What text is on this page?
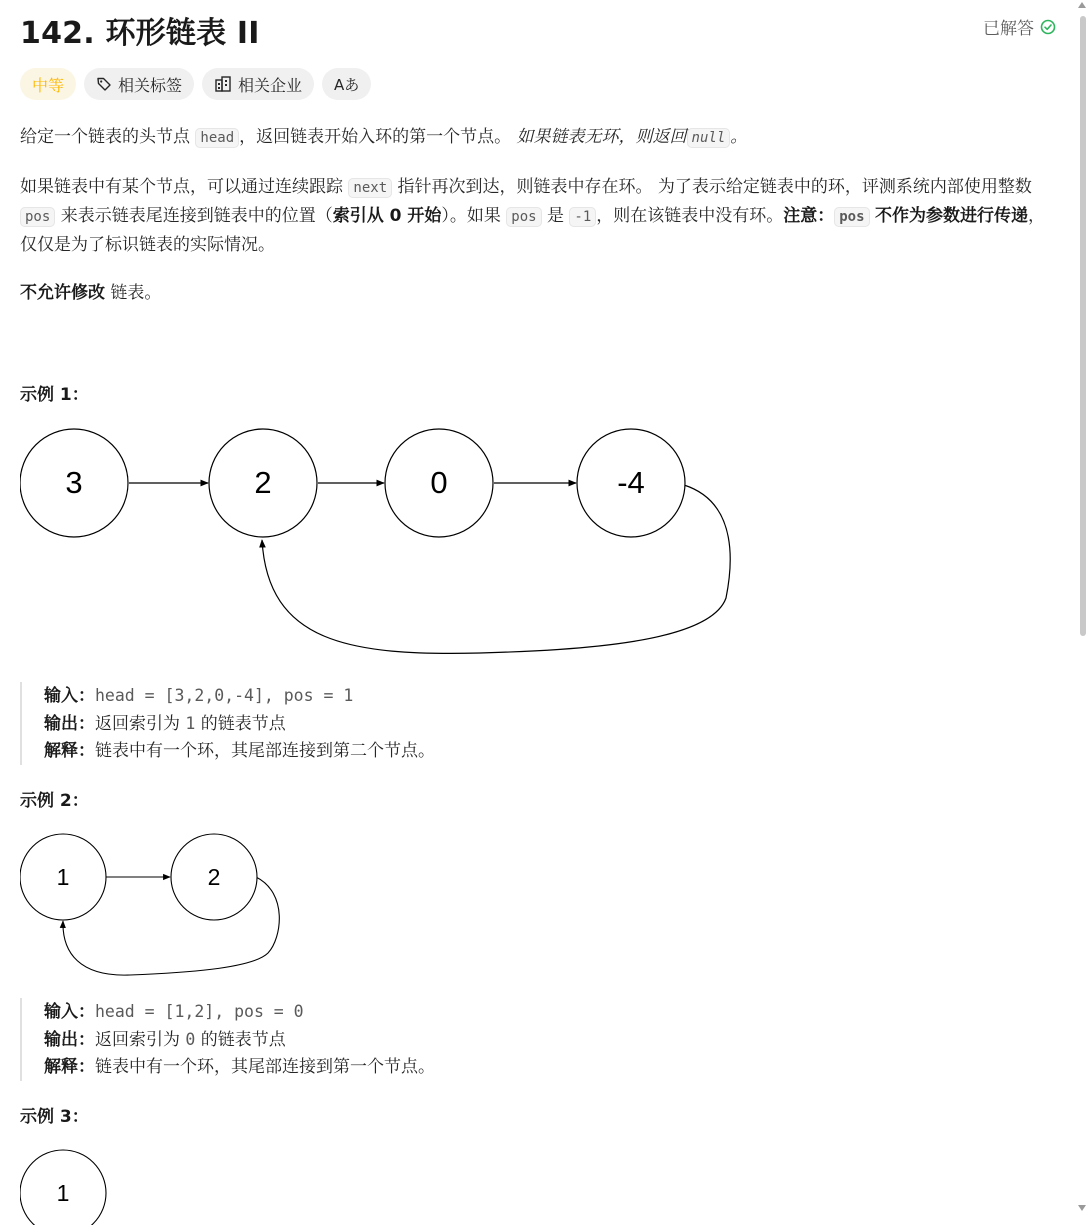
142. 环形链表 II	已解答
中等	相关标签	相关企业 Aあ
给定一个链表的头节点 head ，返回链表开始入环的第一个节点。 如果链表无环，则返回 null 。
如果链表中有某个节点，可以通过连续跟踪 next 指针再次到达，则链表中存在环。 为了表示给定链表中的环，评测系统内部使用整数 pos 来表示链表尾连接到链表中的位置（索引从 0 开始）。如果 pos 是 -1 ，则在该链表中没有环。注意： pos 不作为参数进行传递，仅仅是为了标识链表的实际情况。
不允许修改 链表。
示例 1：
3	2	0	-4
输入：head = [3,2,0,-4], pos = 1
输出：返回索引为 1 的链表节点
解释：链表中有一个环，其尾部连接到第二个节点。
示例 2：
1	2
输入：head = [1,2], pos = 0
输出：返回索引为 0 的链表节点
解释：链表中有一个环，其尾部连接到第一个节点。
示例 3：
1
